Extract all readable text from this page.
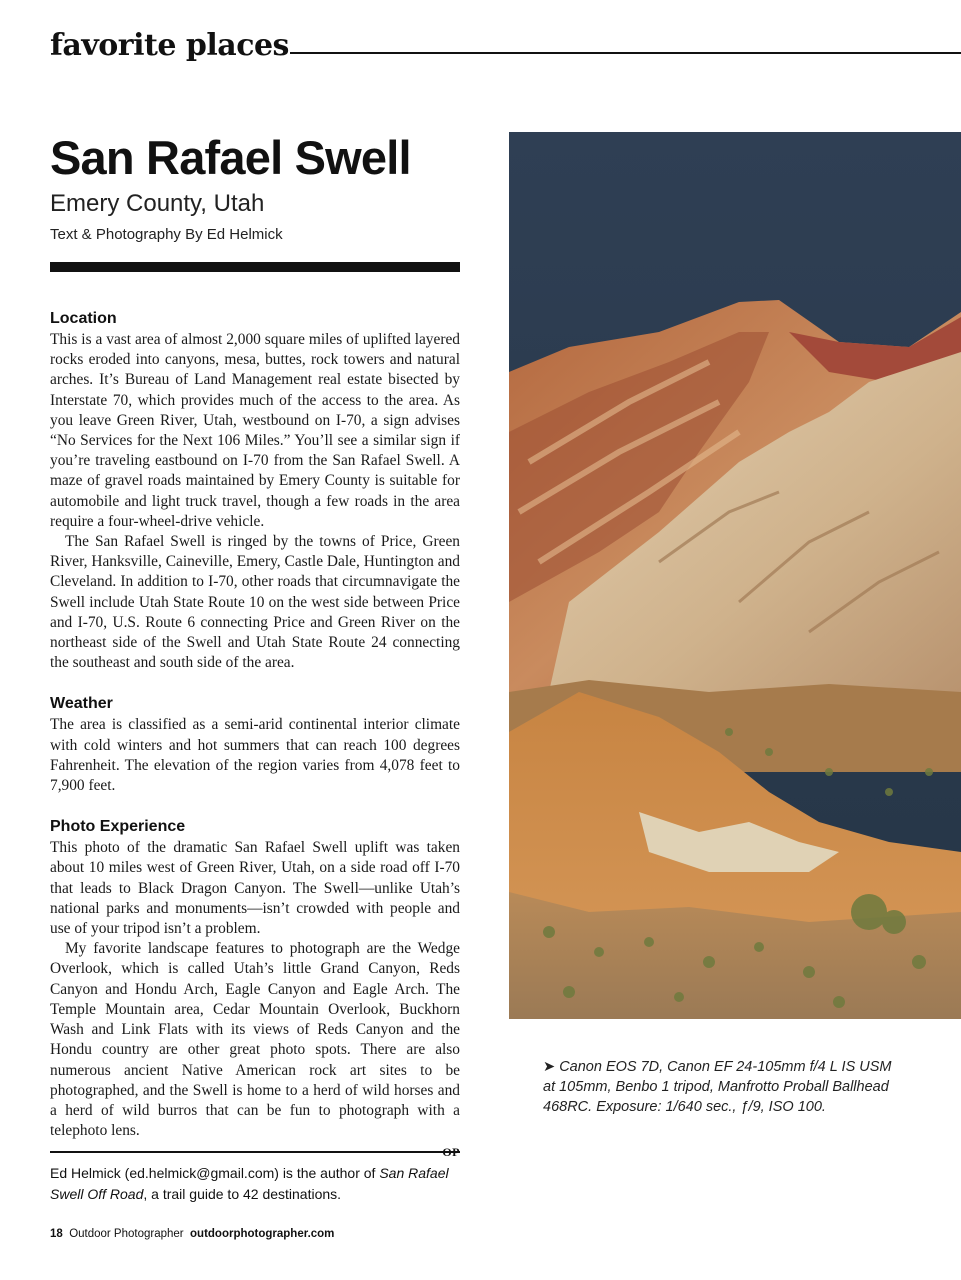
favorite places
San Rafael Swell
Emery County, Utah
Text & Photography By Ed Helmick
Location

This is a vast area of almost 2,000 square miles of uplifted layered rocks eroded into canyons, mesa, buttes, rock towers and natural arches. It’s Bureau of Land Management real estate bisected by Interstate 70, which provides much of the access to the area. As you leave Green River, Utah, westbound on I-70, a sign advises “No Services for the Next 106 Miles.” You’ll see a similar sign if you’re traveling eastbound on I-70 from the San Rafael Swell. A maze of gravel roads maintained by Emery County is suitable for automobile and light truck travel, though a few roads in the area require a four-wheel-drive vehicle.

The San Rafael Swell is ringed by the towns of Price, Green River, Hanksville, Caineville, Emery, Castle Dale, Huntington and Cleveland. In addition to I-70, other roads that circumnavigate the Swell include Utah State Route 10 on the west side between Price and I-70, U.S. Route 6 connecting Price and Green River on the northeast side of the Swell and Utah State Route 24 connecting the southeast and south side of the area.

Weather

The area is classified as a semi-arid continental interior climate with cold winters and hot summers that can reach 100 degrees Fahrenheit. The elevation of the region varies from 4,078 feet to 7,900 feet.

Photo Experience

This photo of the dramatic San Rafael Swell uplift was taken about 10 miles west of Green River, Utah, on a side road off I-70 that leads to Black Dragon Canyon. The Swell—unlike Utah’s national parks and monuments—isn’t crowded with people and use of your tripod isn’t a problem.

My favorite landscape features to photograph are the Wedge Overlook, which is called Utah’s little Grand Canyon, Reds Canyon and Hondu Arch, Eagle Canyon and Eagle Arch. The Temple Mountain area, Cedar Mountain Overlook, Buckhorn Wash and Link Flats with its views of Reds Canyon and the Hondu country are other great photo spots. There are also numerous ancient Native American rock art sites to be photographed, and the Swell is home to a herd of wild horses and a herd of wild burros that can be fun to photograph with a telephoto lens.

Ed Helmick (ed.helmick@gmail.com) is the author of San Rafael Swell Off Road, a trail guide to 42 destinations.
18 Outdoor Photographer outdoorphotographer.com
➤ Canon EOS 7D, Canon EF 24-105mm f/4 L IS USM at 105mm, Benbo 1 tripod, Manfrotto Proball Ballhead 468RC. Exposure: 1/640 sec., ƒ/9, ISO 100.
